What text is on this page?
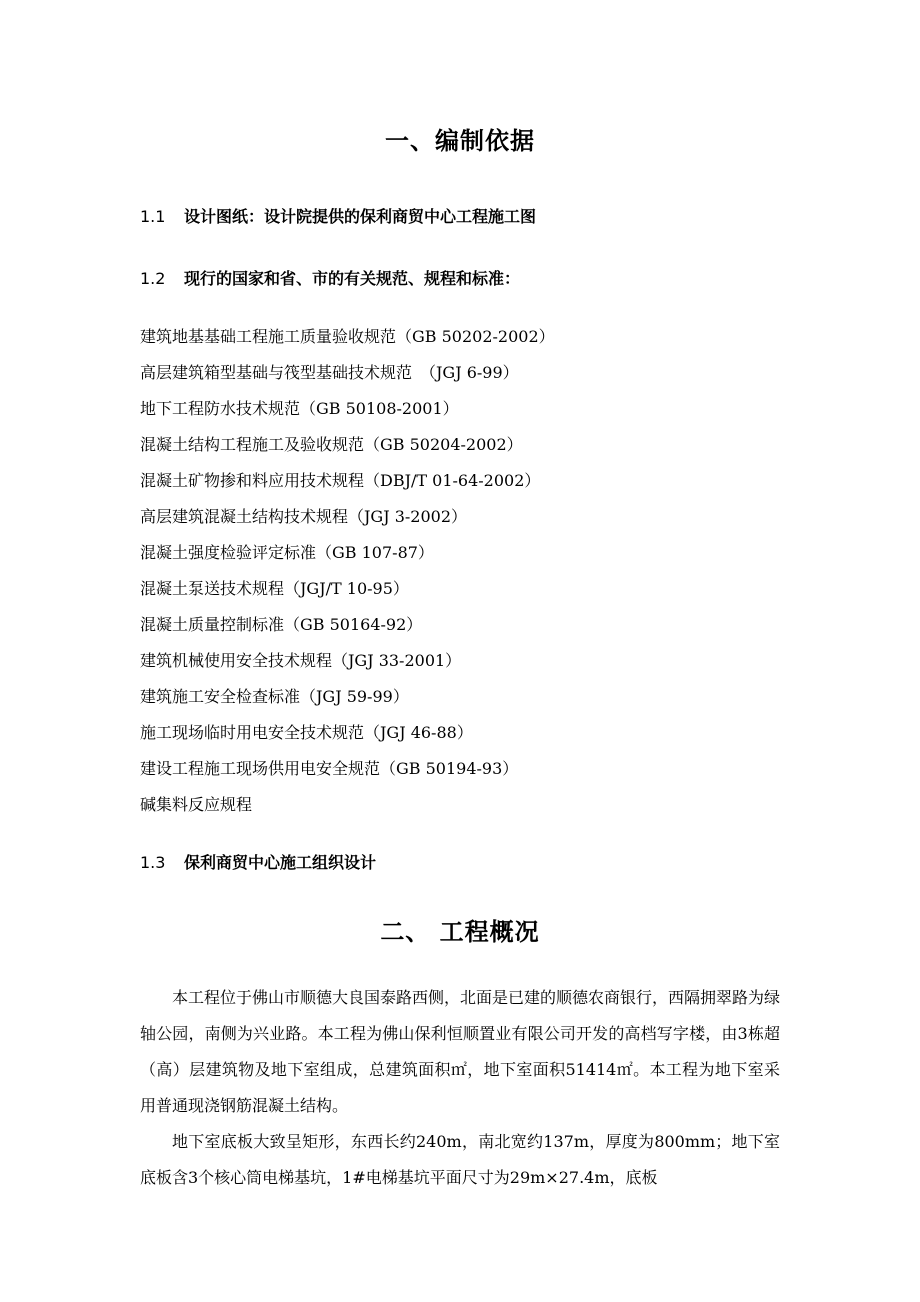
一、编制依据
1.1 设计图纸：设计院提供的保利商贸中心工程施工图
1.2 现行的国家和省、市的有关规范、规程和标准：
建筑地基基础工程施工质量验收规范（GB 50202-2002）
高层建筑箱型基础与筏型基础技术规范　（JGJ 6-99）
地下工程防水技术规范（GB 50108-2001）
混凝土结构工程施工及验收规范（GB 50204-2002）
混凝土矿物掺和料应用技术规程（DBJ/T 01-64-2002）
高层建筑混凝土结构技术规程（JGJ 3-2002）
混凝土强度检验评定标准（GB 107-87）
混凝土泵送技术规程（JGJ/T 10-95）
混凝土质量控制标准（GB 50164-92）
建筑机械使用安全技术规程（JGJ 33-2001）
建筑施工安全检查标准（JGJ 59-99）
施工现场临时用电安全技术规范（JGJ 46-88）
建设工程施工现场供用电安全规范（GB 50194-93）
碱集料反应规程
1.3 保利商贸中心施工组织设计
二、 工程概况
本工程位于佛山市顺德大良国泰路西侧，北面是已建的顺德农商银行，西隔拥翠路为绿轴公园，南侧为兴业路。本工程为佛山保利恒顺置业有限公司开发的高档写字楼，由3栋超（高）层建筑物及地下室组成，总建筑面积㎡，地下室面积51414㎡。本工程为地下室采用普通现浇钢筋混凝土结构。
地下室底板大致呈矩形，东西长约240m，南北宽约137m，厚度为800mm；地下室底板含3个核心筒电梯基坑，1#电梯基坑平面尺寸为29m×27.4m，底板
